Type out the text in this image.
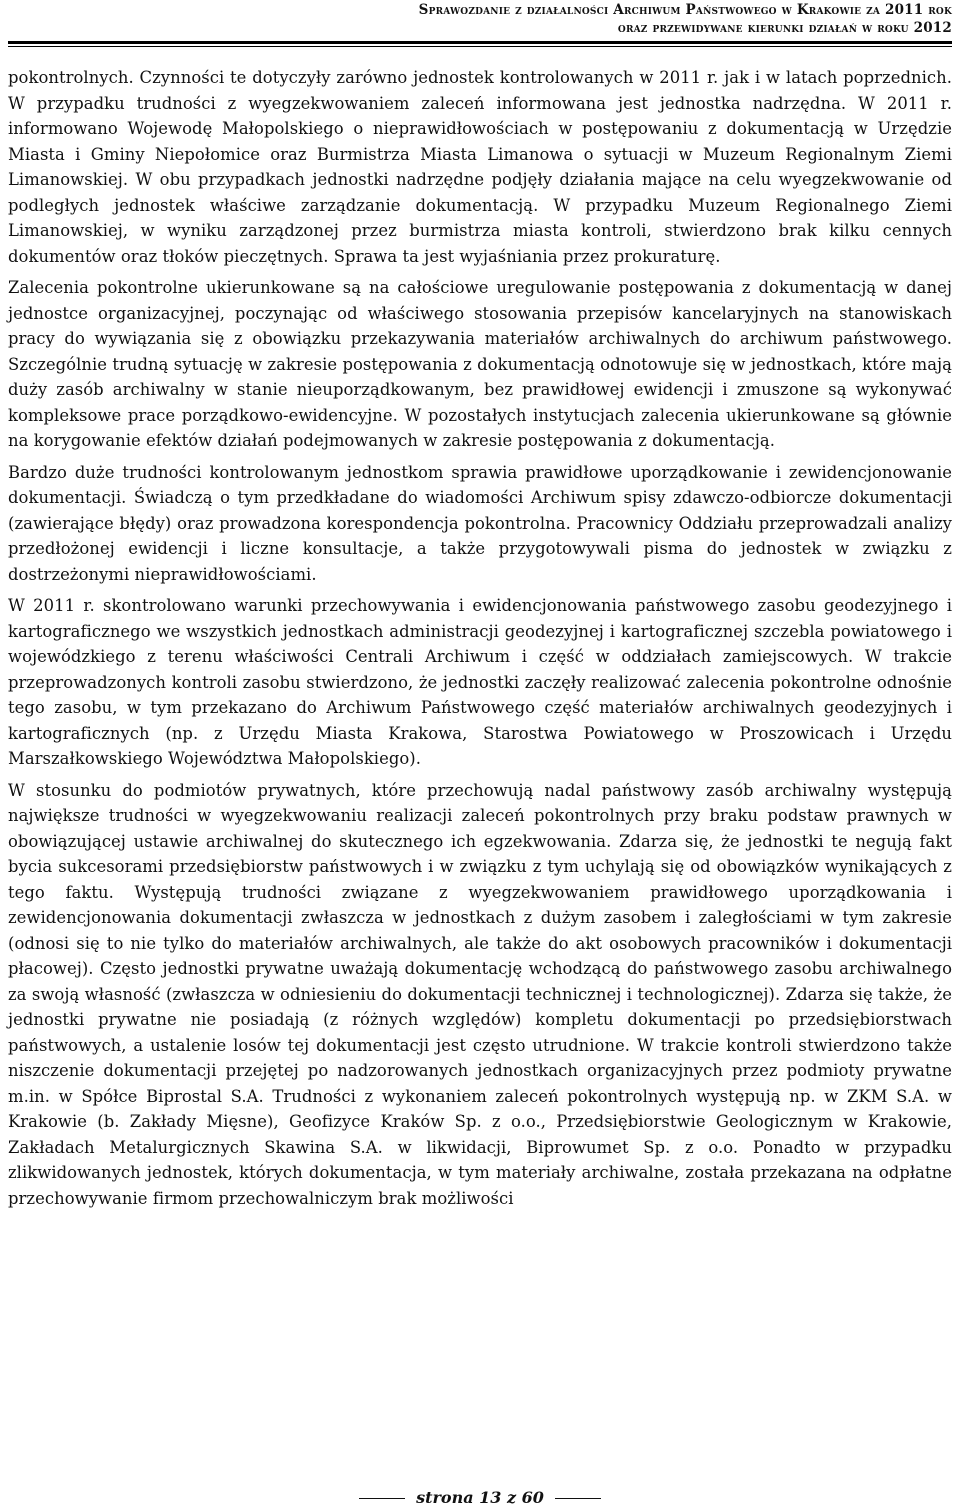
Sprawozdanie z działalności Archiwum Państwowego w Krakowie za 2011 rok
oraz przewidywane kierunki działań w roku 2012

pokontrolnych. Czynności te dotyczyły zarówno jednostek kontrolowanych w 2011 r. jak i w latach poprzednich. W przypadku trudności z wyegzekwowaniem zaleceń informowana jest jednostka nadrzędna. W 2011 r. informowano Wojewodę Małopolskiego o nieprawidłowościach w postępowaniu z dokumentacją w Urzędzie Miasta i Gminy Niepołomice oraz Burmistrza Miasta Limanowa o sytuacji w Muzeum Regionalnym Ziemi Limanowskiej. W obu przypadkach jednostki nadrzędne podjęły działania mające na celu wyegzekwowanie od podległych jednostek właściwe zarządzanie dokumentacją. W przypadku Muzeum Regionalnego Ziemi Limanowskiej, w wyniku zarządzonej przez burmistrza miasta kontroli, stwierdzono brak kilku cennych dokumentów oraz tłoków pieczętnych. Sprawa ta jest wyjaśniania przez prokuraturę.

Zalecenia pokontrolne ukierunkowane są na całościowe uregulowanie postępowania z dokumentacją w danej jednostce organizacyjnej, poczynając od właściwego stosowania przepisów kancelaryjnych na stanowiskach pracy do wywiązania się z obowiązku przekazywania materiałów archiwalnych do archiwum państwowego. Szczególnie trudną sytuację w zakresie postępowania z dokumentacją odnotowuje się w jednostkach, które mają duży zasób archiwalny w stanie nieuporządkowanym, bez prawidłowej ewidencji i zmuszone są wykonywać kompleksowe prace porządkowo-ewidencyjne. W pozostałych instytucjach zalecenia ukierunkowane są głównie na korygowanie efektów działań podejmowanych w zakresie postępowania z dokumentacją.

Bardzo duże trudności kontrolowanym jednostkom sprawia prawidłowe uporządkowanie i zewidencjonowanie dokumentacji. Świadczą o tym przedkładane do wiadomości Archiwum spisy zdawczo-odbiorcze dokumentacji (zawierające błędy) oraz prowadzona korespondencja pokontrolna. Pracownicy Oddziału przeprowadzali analizy przedłożonej ewidencji i liczne konsultacje, a także przygotowywali pisma do jednostek w związku z dostrzeżonymi nieprawidłowościami.

W 2011 r. skontrolowano warunki przechowywania i ewidencjonowania państwowego zasobu geodezyjnego i kartograficznego we wszystkich jednostkach administracji geodezyjnej i kartograficznej szczebla powiatowego i wojewódzkiego z terenu właściwości Centrali Archiwum i część w oddziałach zamiejscowych. W trakcie przeprowadzonych kontroli zasobu stwierdzono, że jednostki zaczęły realizować zalecenia pokontrolne odnośnie tego zasobu, w tym przekazano do Archiwum Państwowego część materiałów archiwalnych geodezyjnych i kartograficznych (np. z Urzędu Miasta Krakowa, Starostwa Powiatowego w Proszowicach i Urzędu Marszałkowskiego Województwa Małopolskiego).

W stosunku do podmiotów prywatnych, które przechowują nadal państwowy zasób archiwalny występują największe trudności w wyegzekwowaniu realizacji zaleceń pokontrolnych przy braku podstaw prawnych w obowiązującej ustawie archiwalnej do skutecznego ich egzekwowania. Zdarza się, że jednostki te negują fakt bycia sukcesorami przedsiębiorstw państwowych i w związku z tym uchylają się od obowiązków wynikających z tego faktu. Występują trudności związane z wyegzekwowaniem prawidłowego uporządkowania i zewidencjonowania dokumentacji zwłaszcza w jednostkach z dużym zasobem i zaległościami w tym zakresie (odnosi się to nie tylko do materiałów archiwalnych, ale także do akt osobowych pracowników i dokumentacji płacowej). Często jednostki prywatne uważają dokumentację wchodzącą do państwowego zasobu archiwalnego za swoją własność (zwłaszcza w odniesieniu do dokumentacji technicznej i technologicznej). Zdarza się także, że jednostki prywatne nie posiadają (z różnych względów) kompletu dokumentacji po przedsiębiorstwach państwowych, a ustalenie losów tej dokumentacji jest często utrudnione. W trakcie kontroli stwierdzono także niszczenie dokumentacji przejętej po nadzorowanych jednostkach organizacyjnych przez podmioty prywatne m.in. w Spółce Biprostal S.A. Trudności z wykonaniem zaleceń pokontrolnych występują np. w ZKM S.A. w Krakowie (b. Zakłady Mięsne), Geofizyce Kraków Sp. z o.o., Przedsiębiorstwie Geologicznym w Krakowie, Zakładach Metalurgicznych Skawina S.A. w likwidacji, Biprowumet Sp. z o.o. Ponadto w przypadku zlikwidowanych jednostek, których dokumentacja, w tym materiały archiwalne, została przekazana na odpłatne przechowywanie firmom przechowalniczym brak możliwości

strona 13 z 60
